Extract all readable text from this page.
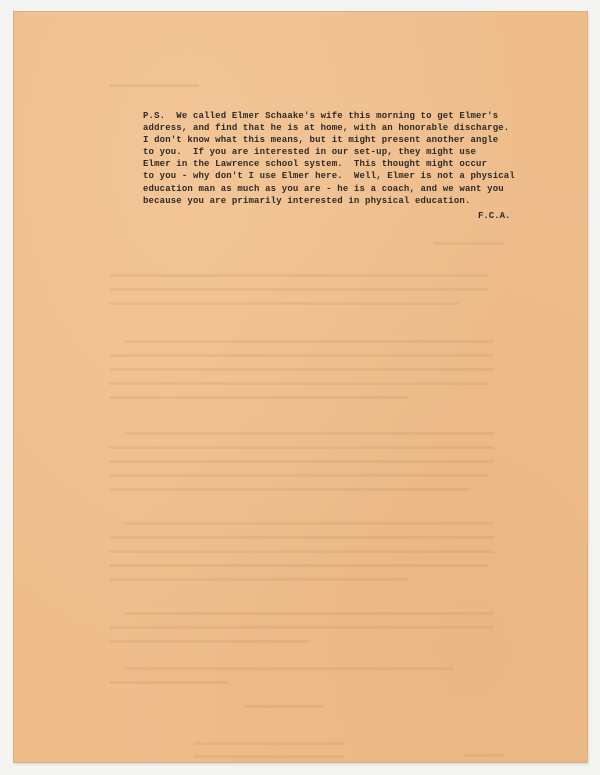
P.S.  We called Elmer Schaake's wife this morning to get Elmer's
address, and find that he is at home, with an honorable discharge.
I don't know what this means, but it might present another angle
to you.  If you are interested in our set-up, they might use
Elmer in the Lawrence school system.  This thought might occur
to you - why don't I use Elmer here.  Well, Elmer is not a physical
education man as much as you are - he is a coach, and we want you
because you are primarily interested in physical education.
F.C.A.
